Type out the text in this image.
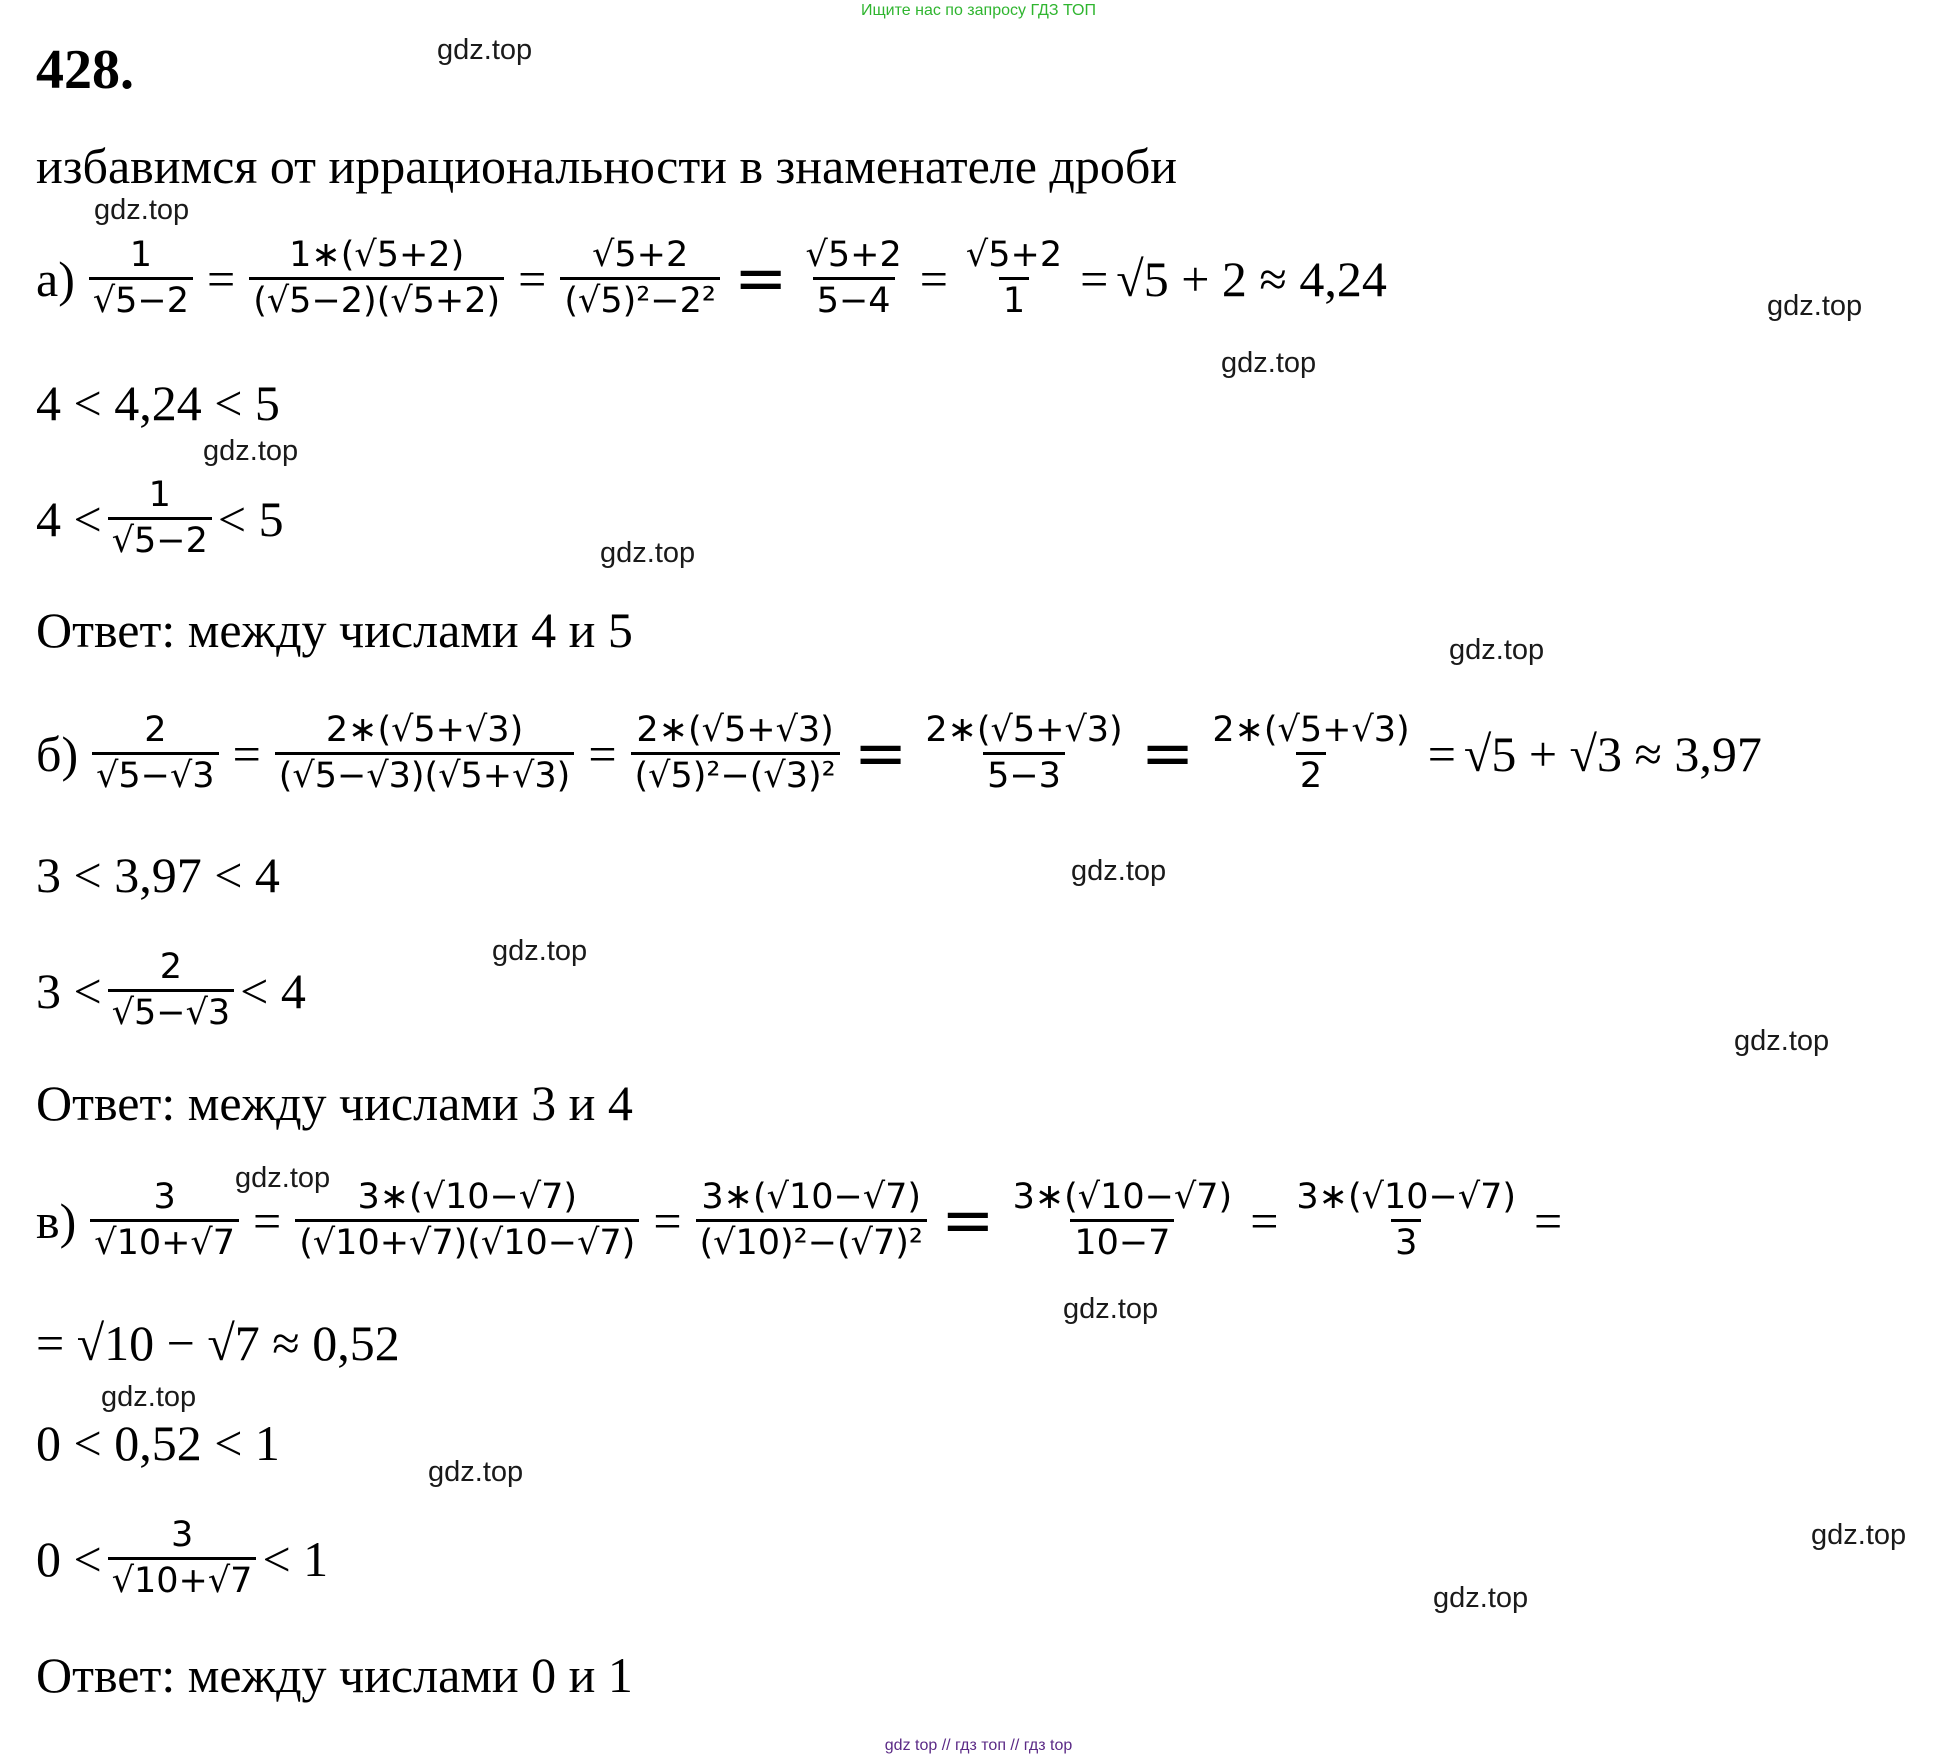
Ищите нас по запросу ГДЗ ТОП
428.
избавимся от иррациональности в знаменателе дроби
$а) \frac{1}{√5-2} = \frac{1∗(√5+2)}{(√5-2)(√5+2)} = \frac{√5+2}{\text{(√5)²−2²}} = \frac{√5+2}{5-4} = \frac{√5+2}{1} = √5 + 2 \approx 4,24$
4 < 4,24 < 5
$4 < \frac{1}{√5-2} < 5$
Ответ: между числами 4 и 5
$б) \frac{2}{√5-√3} = \frac{2∗(√5+√3)}{(√5-√3)(√5+√3)} = \frac{2∗(√5+√3)}{\text{(√5)²−(√3)²}} = \frac{2∗(√5+√3)}{5-3} = \frac{2∗(√5+√3)}{2} = √5 + √3 \approx 3,97$
3 < 3,97 < 4
$3 < \frac{2}{√5-√3} < 4$
Ответ: между числами 3 и 4
$в) \frac{3}{√10+√7} = \frac{3∗(√10-√7)}{(√10+√7)(√10-√7)} = \frac{3∗(√10-√7)}{\text{(√10)²−(√7)²}} = \frac{3∗(√10-√7)}{10-7} = \frac{3∗(√10-√7)}{3}$ =
= √10 − √7 ≈ 0,52
0 < 0,52 < 1
$0 < \frac{3}{√10+√7} < 1$
Ответ: между числами 0 и 1
gdz.top
gdz.top
gdz.top
gdz.top
gdz.top
gdz.top
gdz.top
gdz.top
gdz.top
gdz.top
gdz.top
gdz.top
gdz.top
gdz.top
gdz.top
gdz.top
gdz top // гдз топ // гдз top
